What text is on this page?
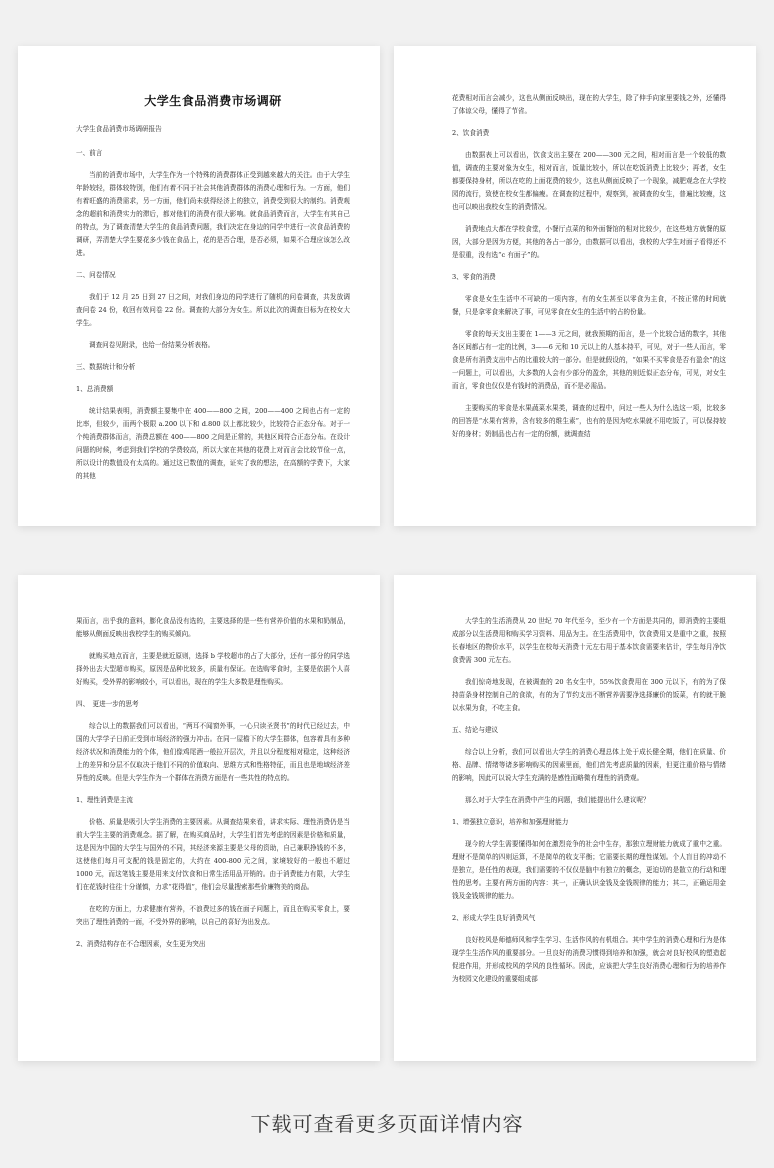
大学生食品消费市场调研
大学生食品消费市场调研报告
一、前言
当前的消费市场中，大学生作为一个特殊的消费群体正受到越来越大的关注。由于大学生年龄较轻，群体较特别，他们有着不同于社会其他消费群体的消费心理和行为。一方面，他们有着旺盛的消费需求，另一方面，他们尚未获得经济上的独立，消费受到很大的制约。消费观念的超前和消费实力的滞后，都对他们的消费有很大影响。就食品消费而言，大学生有其自己的特点，为了调查清楚大学生的食品消费问题，我们决定在身边的同学中进行一次食品消费的调研，弄清楚大学生要花多少钱在食品上，花的是否合理，是否必须，如果不合理应该怎么改进。
二、问卷情况
我们于 12 月 25 日到 27 日之间，对我们身边的同学进行了随机的问卷调查，共发放调查问卷 24 份，收回有效问卷 22 份。调查的大部分为女生。所以此次的调查目标为在校女大学生。
调查问卷见附录，也给一份结果分析表格。
三、数据统计和分析
1、总消费额
统计结果表明，消费额主要集中在 400——800 之间，200——400 之间也占有一定的比率，但较少，而两个极限 a.200 以下和 d.800 以上都比较少，比较符合正态分布。对于一个纯消费群体而言，消费总额在 400——800 之间是正常的，其他区间符合正态分布。在设计问题的时候，考虑到我们学校的学费较高，所以大家在其他的花费上对而言会比较节俭一点，所以设计的数值设有太高的。通过这已数值的调查，证实了我的想法，在高额的学费下，大家的其他
花费相对而言会减少，这也从侧面反映出，现在的大学生，除了伸手向家里要钱之外，还懂得了体谅父母，懂得了节省。
2、饮食消费
由数据表上可以看出，饮食支出主要在 200——300 元之间，相对而言是一个较低的数值，调查的主要对象为女生，相对而言，饭量比较小，所以在吃饭消费上比较少；再者，女生都要保持身材，所以在吃的上面花费的较少，这也从侧面反映了一个现象，减肥观念在大学校园的流行，致使在校女生都偏瘦。在调查的过程中，观察到，被调查的女生，普遍比较瘦，这也可以映出我校女生的消费情况。
消费地点大都在学校食堂，小餐厅点菜的和外面餐馆的相对比较少，在这些地方就餐的原因，大部分是因为方便，其他的各占一部分，由数据可以看出，我校的大学生对面子看得还不是很重，没有选“c 有面子”的。
3、零食的消费
零食是女生生活中不可缺的一项内容，有的女生甚至以零食为主食，不按正常的时间就餐，只是拿零食来解决了事，可见零食在女生的生活中的占的份量。
零食的每天支出主要在 1——3 元之间，就我预期的而言，是一个比较合适的数字，其他各区间都占有一定的比例，3——6 元和 10 元以上的人基本持平，可见，对于一些人而言，零食是所有消费支出中占的比重较大的一部分。但是就假设的，“如果不买零食是否有盈余”的这一问题上，可以看出，大多数的人会有少部分的盈余，其他的则近似正态分布，可见，对女生而言，零食也仅仅是有钱时的消费品，而不是必需品。
主要购买的零食是水果蔬菜水果类，调查的过程中，问过一些人为什么选这一项，比较多的回答是“水果有营养，含有较多的维生素”，也有的是因为吃水果就不用吃饭了，可以保持较好的身材；奶制品也占有一定的份额，就调查结
果而言，出乎我的意料，膨化食品没有选的，主要选择的是一些有营养价值的水果和奶制品，能够从侧面反映出我校学生的购买倾向。
就购买地点而言，主要是就近原则，选择 b 学校超市的占了大部分，还有一部分的同学选择外出去大型超市购买，原因是品种比较多，质量有保证。在选购零食时，主要是依据个人喜好购买，受外界的影响较小，可以看出，现在的学生大多数是理性购买。
四、　更进一步的思考
综合以上的数据我们可以看出，“两耳不闻窗外事，一心只读圣贤书”的时代已经过去，中国的大学学子日前正受到市场经济的强力冲击。在同一屋檐下的大学生群体，包容着具有多种经济状况和消费能力的个体，他们像鸡尾酒一般拉开层次，并且以分程度相对稳定，这种经济上的差异和分层不仅取决于他们不同的价值取向、思维方式和性格特征，而且也是地域经济差异性的反映。但是大学生作为一个群体在消费方面是有一些共性的特点的。
1、理性消费是主流
价格、质量是吸引大学生消费的主要因素。从调查结果来看，讲求实际、理性消费仍是当前大学生主要的消费观念。据了解，在购买商品时，大学生们首先考虑的因素是价格和质量，这是因为中国的大学生与国外的不同，其经济来源主要是父母的资助，自己兼职挣钱的不多，这使他们每月可支配的钱是固定的，大约在 400-800 元之间，家境较好的一般也不超过 1000 元，而这笔钱主要是用来支付饮食和日常生活用品开销的。由于消费能力有限，大学生们在花钱时往往十分谨慎，力求“花得值”，他们会尽量搜索那些价廉物美的商品。
在吃的方面上，力求健康有营养，不浪费过多的钱在面子问题上，而且在购买零食上，要突出了理性消费的一面，不受外界的影响，以自己的喜好为出发点。
2、消费结构存在不合理因素，女生更为突出
大学生的生活消费从 20 世纪 70 年代至今，至少有一个方面是共同的，即消费的主要组成部分以生活费用和购买学习资料、用品为主。在生活费用中，饮食费用又是重中之重，按照长春地区的物价水平，以学生在校每天消费十元左右用于基本饮食需要来估计，学生每月净饮食费需 300 元左右。
我们惊奇地发现，在被调查的 20 名女生中，55%饮食费用在 300 元以下，有的为了保持苗条身材控制自己的食欲，有的为了节约支出不断营养需要净选择廉价的饭菜，有的就干脆以水果为食，不吃主食。
五、结论与建议
综合以上分析，我们可以看出大学生的消费心理总体上处于成长健全期，他们在质量、价格、品牌、情绪等诸多影响购买的因素里面，他们首先考虑质量的因素，但更注重价格与情绪的影响，因此可以说大学生充满的是感性而略微有理性的消费观。
那么对于大学生在消费中产生的问题，我们能提出什么建议呢？
1、增强独立意识，培养和加强理财能力
现今的大学生需要懂得如何在激烈竞争的社会中生存，那独立理财能力就成了重中之重。理财不是简单的四则运算，不是简单的收支平衡；它需要长期的理性谋划。个人盲目的冲动不是独立，是任性的表现，我们需要的不仅仅是脑中有独立的概念，更迫切的是散立的行动和理性的思考。主要有两方面的内容：其一，正确认识金钱及金钱规律的能力；其二，正确运用金钱及金钱规律的能力。
2、形成大学生良好消费风气
良好校风是师德师风和学生学习、生活作风的有机组合。其中学生的消费心理和行为是体现学生生活作风的重要部分。一旦良好的消费习惯得到培养和加强，就会对良好校风的塑造起促进作用，并形成校风的学风的良性循环。因此，应该把大学生良好消费心理和行为的培养作为校园文化建设的重要组成部
下载可查看更多页面详情内容
